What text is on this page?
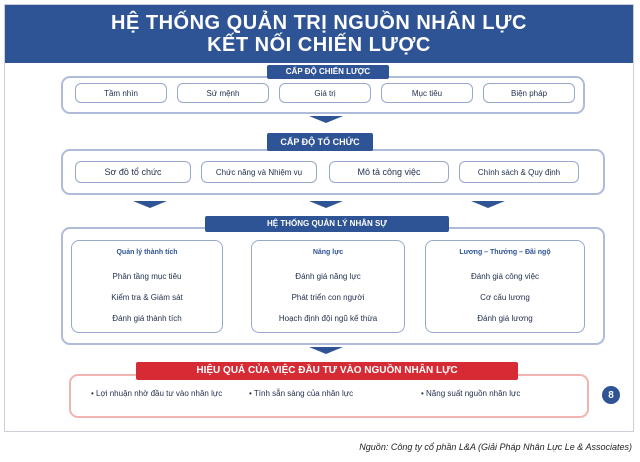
HỆ THỐNG QUẢN TRỊ NGUỒN NHÂN LỰC
KẾT NỐI CHIẾN LƯỢC
CẤP ĐỘ CHIẾN LƯỢC
Tầm nhìn	Sứ mệnh	Giá trị	Mục tiêu	Biện pháp
CẤP ĐỘ TỔ CHỨC
Sơ đồ tổ chức	Chức năng và Nhiệm vụ	Mô tả công việc	Chính sách & Quy định
HỆ THỐNG QUẢN LÝ NHÂN SỰ
Quản lý thành tích
Phân tầng mục tiêu
Kiểm tra & Giám sát
Đánh giá thành tích
Năng lực
Đánh giá năng lực
Phát triển con người
Hoạch định đội ngũ kế thừa
Lương – Thưởng – Đãi ngộ
Đánh giá công việc
Cơ cấu lương
Đánh giá lương
HIỆU QUẢ CỦA VIỆC ĐẦU TƯ VÀO NGUỒN NHÂN LỰC
• Lợi nhuận nhờ đầu tư vào nhân lực	• Tính sẵn sàng của nhân lực	• Năng suất nguồn nhân lực	8
Nguồn: Công ty cổ phần L&A (Giải Pháp Nhân Lực Le & Associates)
